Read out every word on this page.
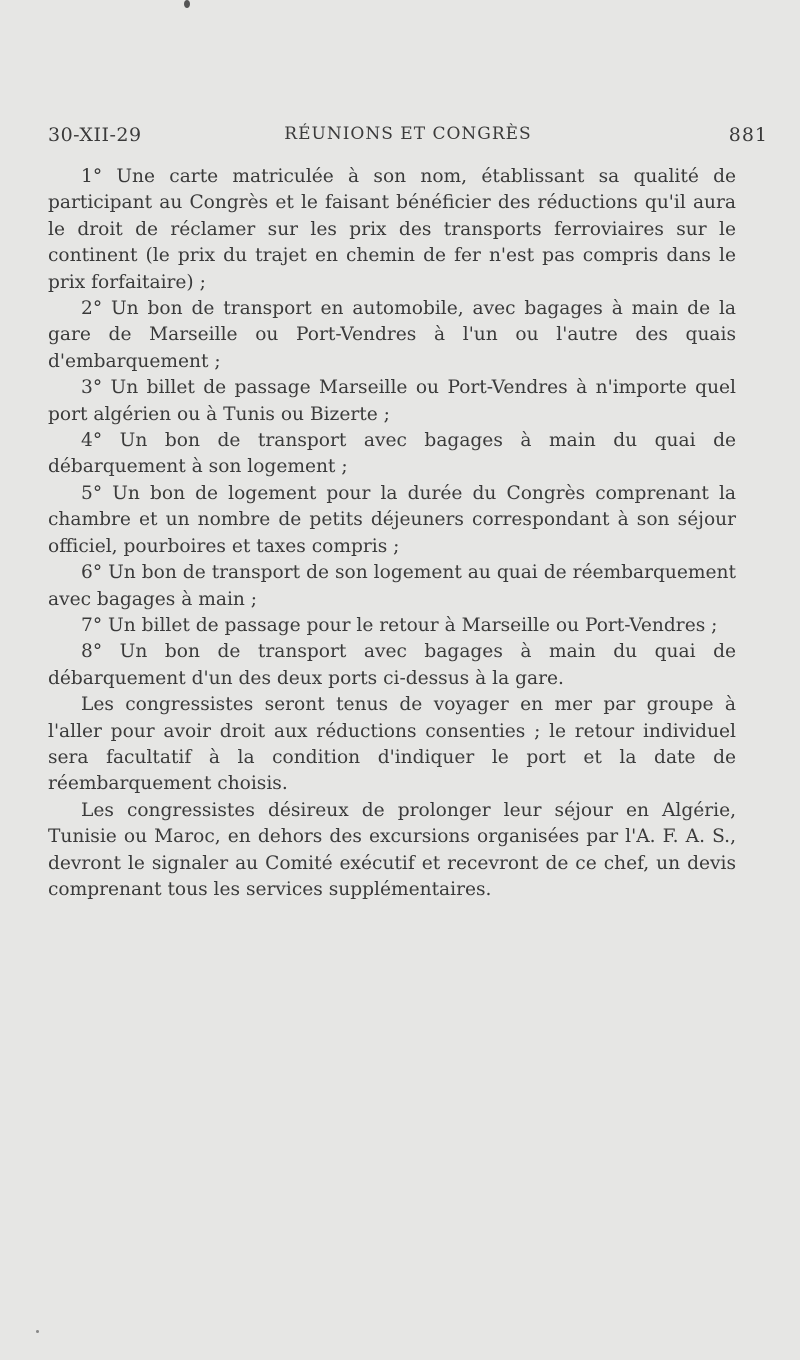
30-XII-29	RÉUNIONS ET CONGRÈS	881

1° Une carte matriculée à son nom, établissant sa qualité de participant au Congrès et le faisant bénéficier des réductions qu'il aura le droit de réclamer sur les prix des transports ferroviaires sur le continent (le prix du trajet en chemin de fer n'est pas compris dans le prix forfaitaire) ;

2° Un bon de transport en automobile, avec bagages à main de la gare de Marseille ou Port-Vendres à l'un ou l'autre des quais d'embarquement ;

3° Un billet de passage Marseille ou Port-Vendres à n'importe quel port algérien ou à Tunis ou Bizerte ;

4° Un bon de transport avec bagages à main du quai de débarquement à son logement ;

5° Un bon de logement pour la durée du Congrès comprenant la chambre et un nombre de petits déjeuners correspondant à son séjour officiel, pourboires et taxes compris ;

6° Un bon de transport de son logement au quai de réembarquement avec bagages à main ;

7° Un billet de passage pour le retour à Marseille ou Port-Vendres ;

8° Un bon de transport avec bagages à main du quai de débarquement d'un des deux ports ci-dessus à la gare.

Les congressistes seront tenus de voyager en mer par groupe à l'aller pour avoir droit aux réductions consenties ; le retour individuel sera facultatif à la condition d'indiquer le port et la date de réembarquement choisis.

Les congressistes désireux de prolonger leur séjour en Algérie, Tunisie ou Maroc, en dehors des excursions organisées par l'A. F. A. S., devront le signaler au Comité exécutif et recevront de ce chef, un devis comprenant tous les services supplémentaires.
